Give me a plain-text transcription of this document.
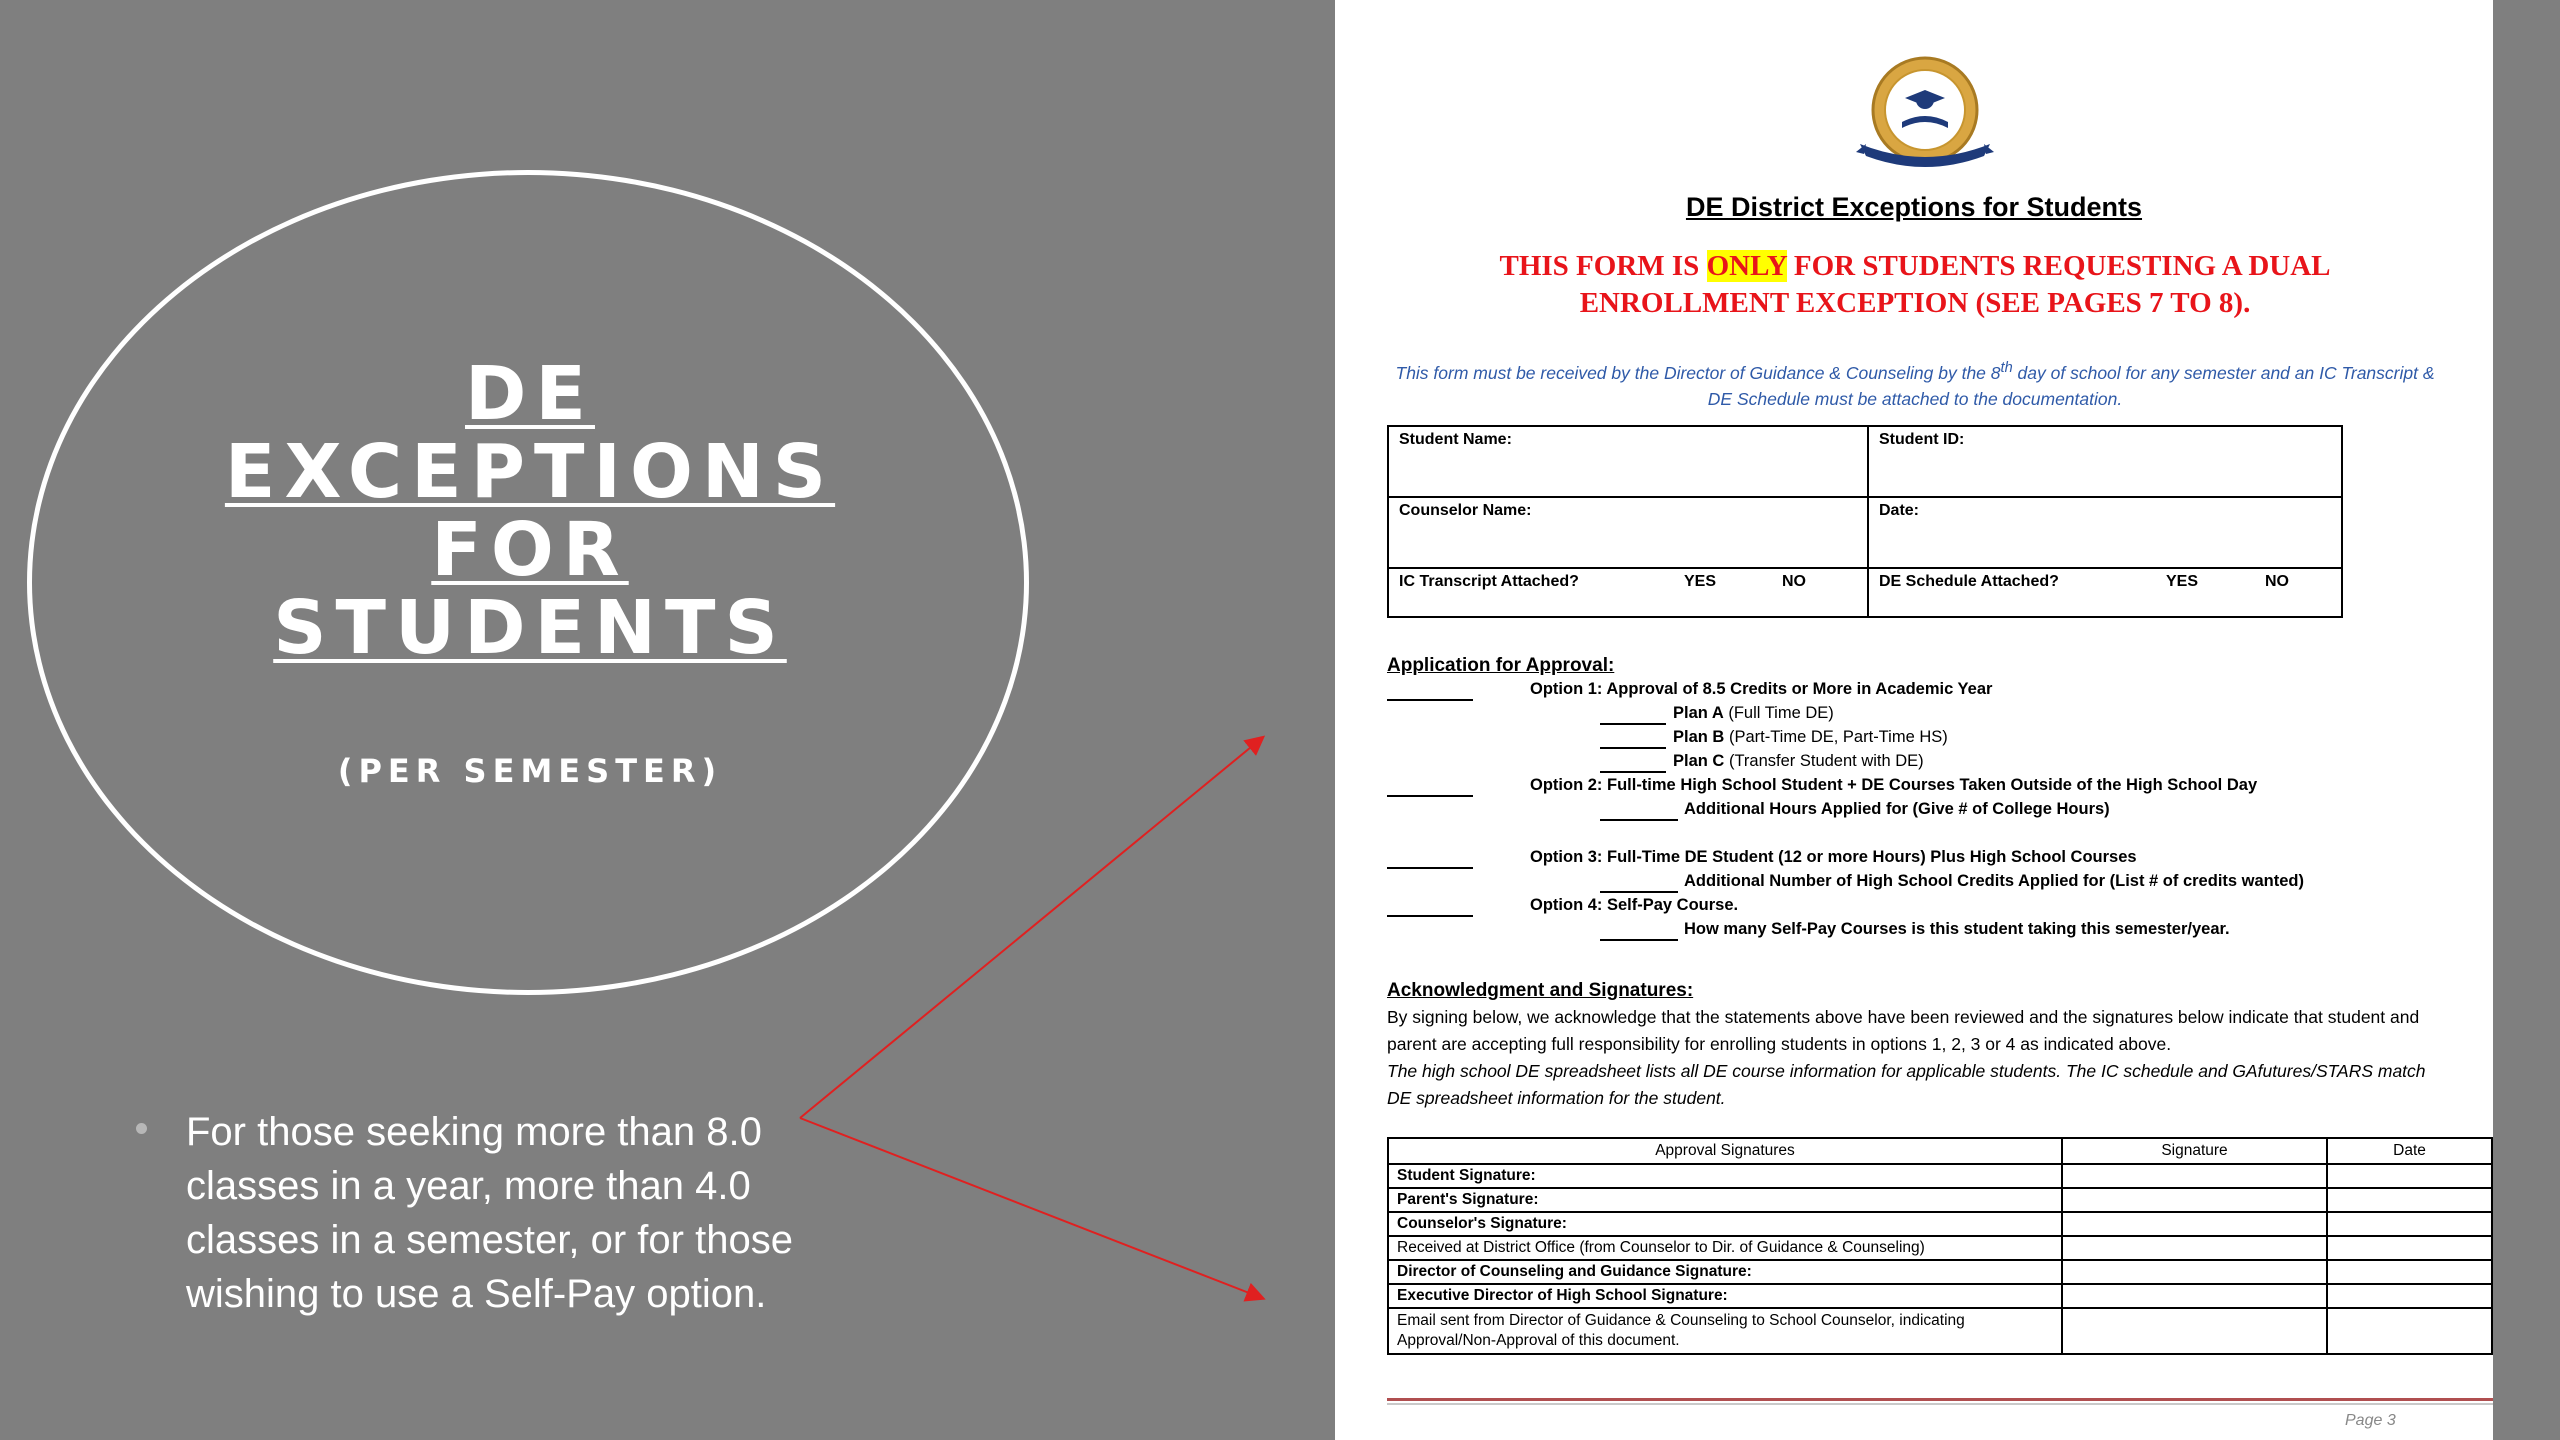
DE
EXCEPTIONS
FOR
STUDENTS
(PER SEMESTER)
For those seeking more than 8.0 classes in a year, more than 4.0 classes in a semester, or for those wishing to use a Self-Pay option.
DE District Exceptions for Students
THIS FORM IS ONLY FOR STUDENTS REQUESTING A DUAL ENROLLMENT EXCEPTION (SEE PAGES 7 TO 8).
This form must be received by the Director of Guidance & Counseling by the 8th day of school for any semester and an IC Transcript & DE Schedule must be attached to the documentation.
Student Name:	Student ID:
Counselor Name:	Date:
IC Transcript Attached? YES NO	DE Schedule Attached? YES NO
Application for Approval:
Option 1: Approval of 8.5 Credits or More in Academic Year
Plan A (Full Time DE)
Plan B (Part-Time DE, Part-Time HS)
Plan C (Transfer Student with DE)
Option 2: Full-time High School Student + DE Courses Taken Outside of the High School Day
Additional Hours Applied for (Give # of College Hours)
Option 3: Full-Time DE Student (12 or more Hours) Plus High School Courses
Additional Number of High School Credits Applied for (List # of credits wanted)
Option 4: Self-Pay Course.
How many Self-Pay Courses is this student taking this semester/year.
Acknowledgment and Signatures:
By signing below, we acknowledge that the statements above have been reviewed and the signatures below indicate that student and parent are accepting full responsibility for enrolling students in options 1, 2, 3 or 4 as indicated above.
The high school DE spreadsheet lists all DE course information for applicable students. The IC schedule and GAfutures/STARS match DE spreadsheet information for the student.
Approval Signatures	Signature	Date
Student Signature:		
Parent's Signature:		
Counselor's Signature:		
Received at District Office (from Counselor to Dir. of Guidance & Counseling)		
Director of Counseling and Guidance Signature:		
Executive Director of High School Signature:		
Email sent from Director of Guidance & Counseling to School Counselor, indicating Approval/Non-Approval of this document.		
Page 3
